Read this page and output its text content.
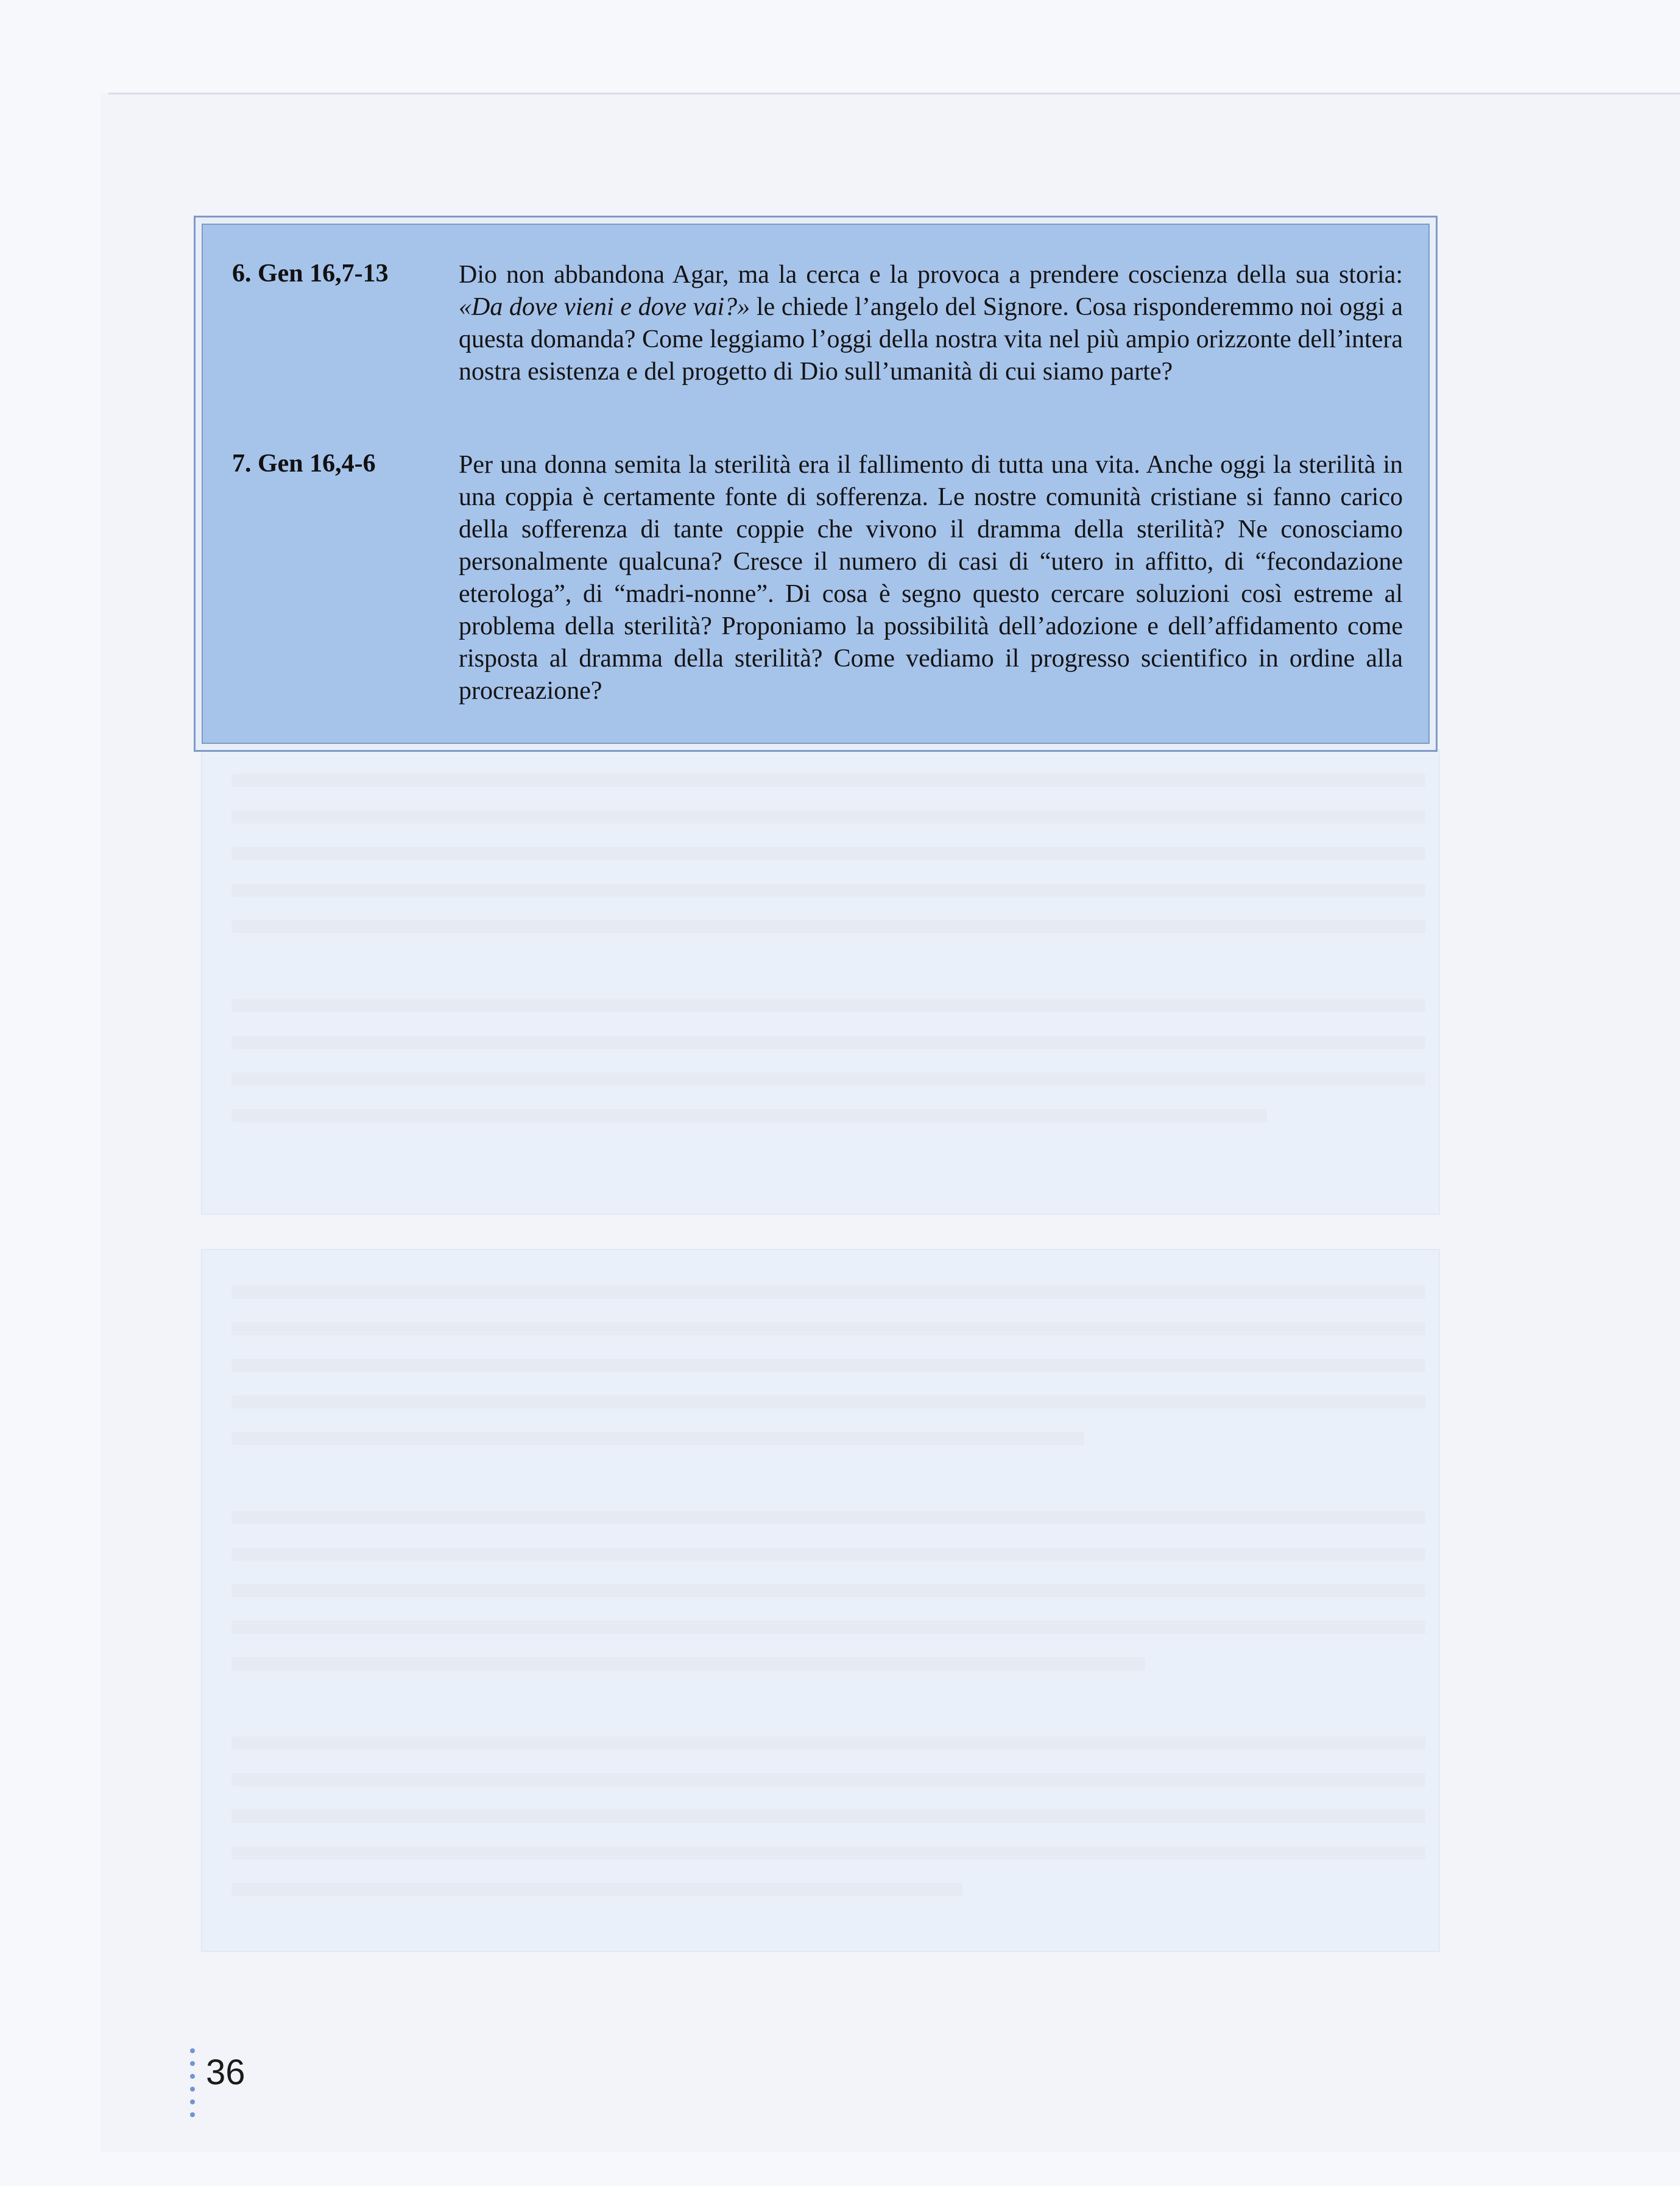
6. Gen 16,7-13	Dio non abbandona Agar, ma la cerca e la provoca a prendere coscienza della sua storia: «Da dove vieni e dove vai?» le chiede l’angelo del Signore. Cosa risponderemmo noi oggi a questa domanda? Come leggiamo l’oggi della nostra vita nel più ampio orizzonte dell’intera nostra esistenza e del progetto di Dio sull’umanità di cui siamo parte?
7. Gen 16,4-6	Per una donna semita la sterilità era il fallimento di tutta una vita. Anche oggi la sterilità in una coppia è certamente fonte di sofferenza. Le nostre comunità cristiane si fanno carico della sofferenza di tante coppie che vivono il dramma della sterilità? Ne conosciamo personalmente qualcuna? Cresce il numero di casi di “utero in affitto, di “fecondazione eterologa”, di “madri-nonne”. Di cosa è segno questo cercare soluzioni così estreme al problema della sterilità? Proponiamo la possibilità dell’adozione e dell’affidamento come risposta al dramma della sterilità? Come vediamo il progresso scientifico in ordine alla procreazione?
36
